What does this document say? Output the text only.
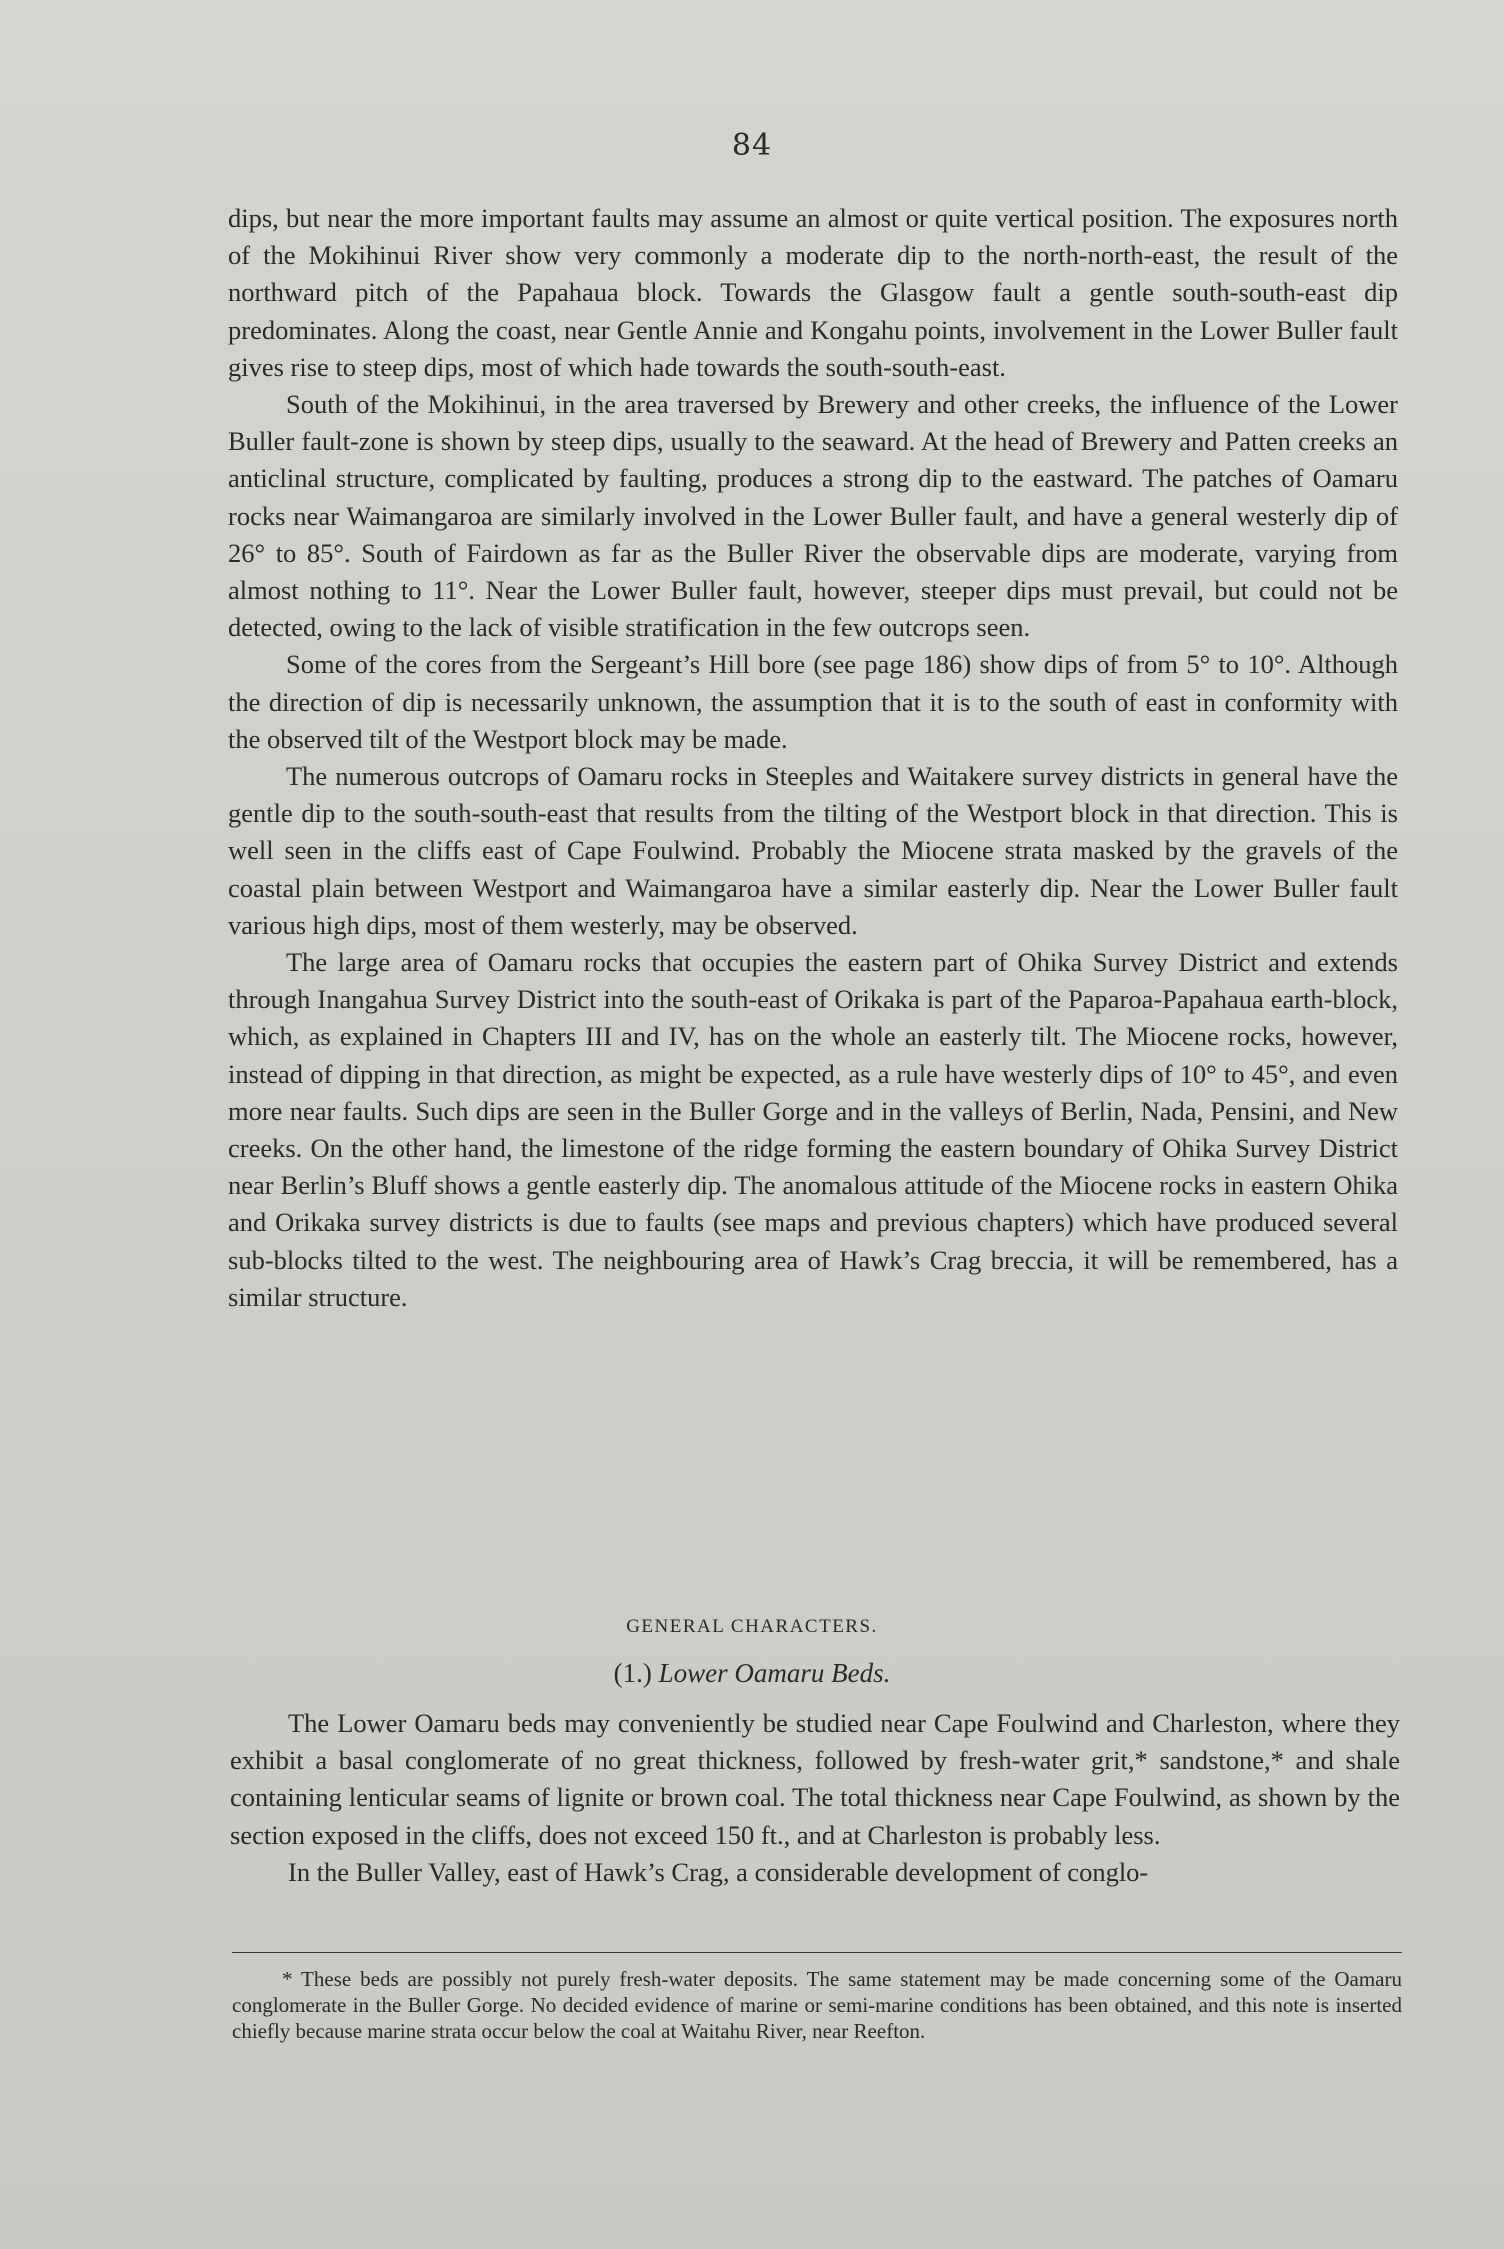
84

dips, but near the more important faults may assume an almost or quite vertical position. The exposures north of the Mokihinui River show very commonly a moderate dip to the north-north-east, the result of the northward pitch of the Papahaua block. Towards the Glasgow fault a gentle south-south-east dip predominates. Along the coast, near Gentle Annie and Kongahu points, involvement in the Lower Buller fault gives rise to steep dips, most of which hade towards the south-south-east.

South of the Mokihinui, in the area traversed by Brewery and other creeks, the influence of the Lower Buller fault-zone is shown by steep dips, usually to the seaward. At the head of Brewery and Patten creeks an anticlinal structure, complicated by faulting, produces a strong dip to the eastward. The patches of Oamaru rocks near Waimangaroa are similarly involved in the Lower Buller fault, and have a general westerly dip of 26° to 85°. South of Fairdown as far as the Buller River the observable dips are moderate, varying from almost nothing to 11°. Near the Lower Buller fault, however, steeper dips must prevail, but could not be detected, owing to the lack of visible stratification in the few outcrops seen.

Some of the cores from the Sergeant’s Hill bore (see page 186) show dips of from 5° to 10°. Although the direction of dip is necessarily unknown, the assumption that it is to the south of east in conformity with the observed tilt of the Westport block may be made.

The numerous outcrops of Oamaru rocks in Steeples and Waitakere survey districts in general have the gentle dip to the south-south-east that results from the tilting of the Westport block in that direction. This is well seen in the cliffs east of Cape Foulwind. Probably the Miocene strata masked by the gravels of the coastal plain between Westport and Waimangaroa have a similar easterly dip. Near the Lower Buller fault various high dips, most of them westerly, may be observed.

The large area of Oamaru rocks that occupies the eastern part of Ohika Survey District and extends through Inangahua Survey District into the south-east of Orikaka is part of the Paparoa-Papahaua earth-block, which, as explained in Chapters III and IV, has on the whole an easterly tilt. The Miocene rocks, however, instead of dipping in that direction, as might be expected, as a rule have westerly dips of 10° to 45°, and even more near faults. Such dips are seen in the Buller Gorge and in the valleys of Berlin, Nada, Pensini, and New creeks. On the other hand, the limestone of the ridge forming the eastern boundary of Ohika Survey District near Berlin’s Bluff shows a gentle easterly dip. The anomalous attitude of the Miocene rocks in eastern Ohika and Orikaka survey districts is due to faults (see maps and previous chapters) which have produced several sub-blocks tilted to the west. The neighbouring area of Hawk’s Crag breccia, it will be remembered, has a similar structure.

GENERAL CHARACTERS.
(1.) Lower Oamaru Beds.

The Lower Oamaru beds may conveniently be studied near Cape Foulwind and Charleston, where they exhibit a basal conglomerate of no great thickness, followed by fresh-water grit,* sandstone,* and shale containing lenticular seams of lignite or brown coal. The total thickness near Cape Foulwind, as shown by the section exposed in the cliffs, does not exceed 150 ft., and at Charleston is probably less.

In the Buller Valley, east of Hawk’s Crag, a considerable development of conglo-

* These beds are possibly not purely fresh-water deposits. The same statement may be made concerning some of the Oamaru conglomerate in the Buller Gorge. No decided evidence of marine or semi-marine conditions has been obtained, and this note is inserted chiefly because marine strata occur below the coal at Waitahu River, near Reefton.
